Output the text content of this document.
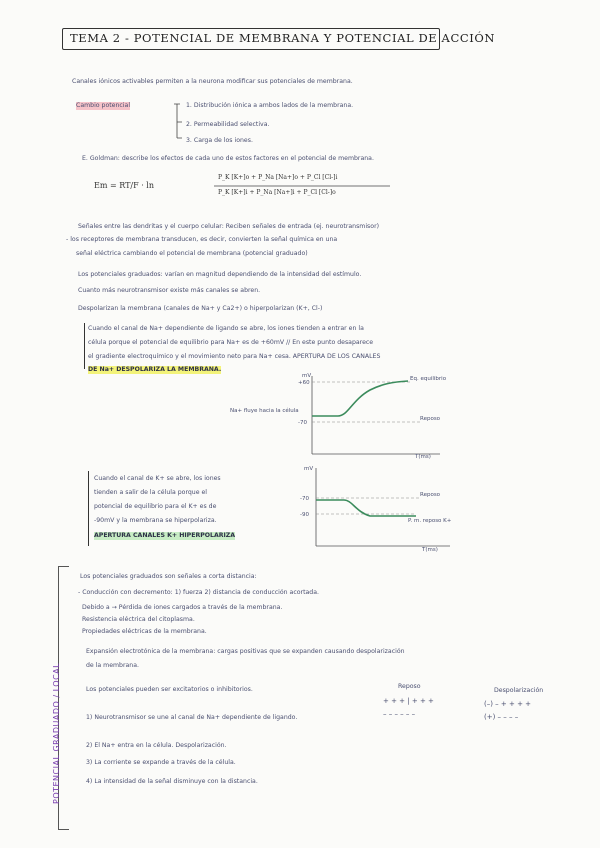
TEMA 2 - POTENCIAL DE MEMBRANA Y POTENCIAL DE ACCIÓN
Canales iónicos activables permiten a la neurona modificar sus potenciales de membrana.
Cambio potencial	1. Distribución iónica a ambos lados de la membrana.
2. Permeabilidad selectiva.
3. Carga de los iones.
E. Goldman: describe los efectos de cada uno de estos factores en el potencial de membrana.
Em = RT/F · ln
P_K [K+]o + P_Na [Na+]o + P_Cl [Cl-]i
P_K [K+]i + P_Na [Na+]i + P_Cl [Cl-]o
Señales entre las dendritas y el cuerpo celular: Reciben señales de entrada (ej. neurotransmisor)
- los receptores de membrana transducen, es decir, convierten la señal química en una
señal eléctrica cambiando el potencial de membrana (potencial graduado)
Los potenciales graduados: varían en magnitud dependiendo de la intensidad del estímulo.
Cuanto más neurotransmisor existe más canales se abren.
Despolarizan la membrana (canales de Na+ y Ca2+) o hiperpolarizan (K+, Cl-)
Cuando el canal de Na+ dependiente de ligando se abre, los iones tienden a entrar en la
célula porque el potencial de equilibrio para Na+ es de +60mV // En este punto desaparece
el gradiente electroquímico y el movimiento neto para Na+ cesa. APERTURA DE LOS CANALES
DE Na+ DESPOLARIZA LA MEMBRANA.
mV
+60
-70
Eq. equilibrio
Reposo
Na+ fluye hacia la célula
T(ms)
Cuando el canal de K+ se abre, los iones
tienden a salir de la célula porque el
potencial de equilibrio para el K+ es de
-90mV y la membrana se hiperpolariza.
APERTURA CANALES K+ HIPERPOLARIZA
mV
-70
-90
Reposo
P. m. reposo K+
T(ms)
POTENCIAL GRADUADO / LOCAL
Los potenciales graduados son señales a corta distancia:
- Conducción con decremento: 1) fuerza 2) distancia de conducción acortada.
Debido a → Pérdida de iones cargados a través de la membrana.
Resistencia eléctrica del citoplasma.
Propiedades eléctricas de la membrana.
Expansión electrotónica de la membrana: cargas positivas que se expanden causando despolarización
de la membrana.
Los potenciales pueden ser excitatorios o inhibitorios.	Reposo
+ + + | + + +
– – – – – –
Despolarización
(–) – + + + +
(+) – – – –
1) Neurotransmisor se une al canal de Na+ dependiente de ligando.
2) El Na+ entra en la célula. Despolarización.
3) La corriente se expande a través de la célula.
4) La intensidad de la señal disminuye con la distancia.
